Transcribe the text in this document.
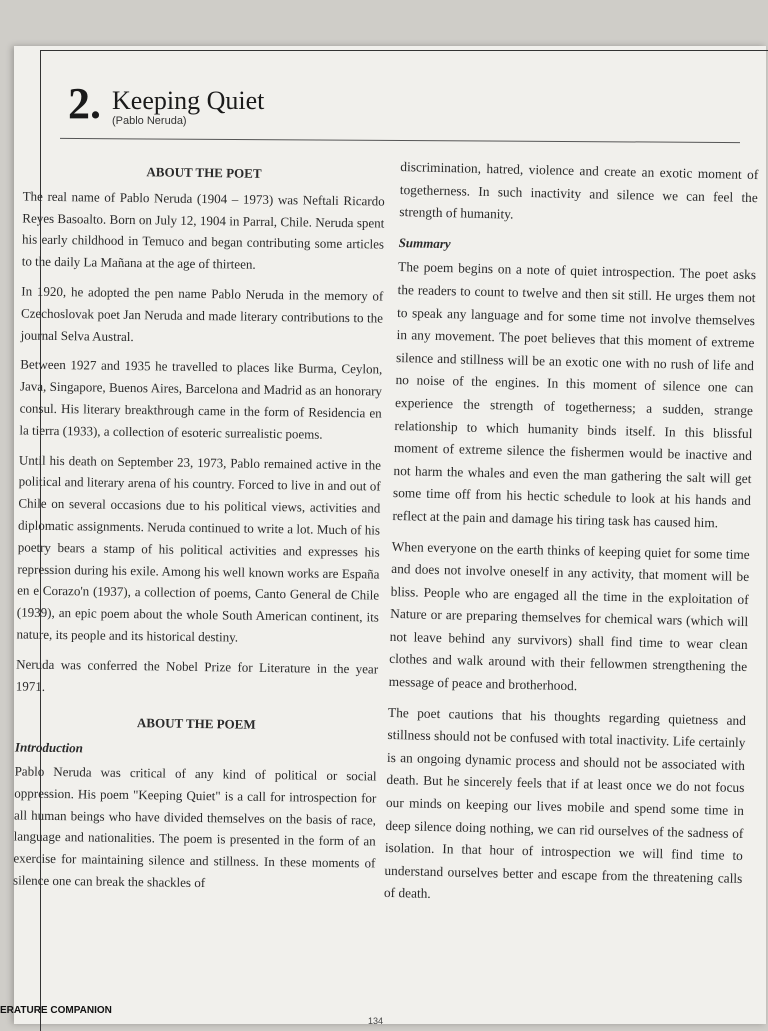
2. Keeping Quiet
(Pablo Neruda)
ABOUT THE POET

The real name of Pablo Neruda (1904 – 1973) was Neftali Ricardo Reyes Basoalto. Born on July 12, 1904 in Parral, Chile. Neruda spent his early childhood in Temuco and began contributing some articles to the daily La Mañana at the age of thirteen.

In 1920, he adopted the pen name Pablo Neruda in the memory of Czechoslovak poet Jan Neruda and made literary contributions to the journal Selva Austral.

Between 1927 and 1935 he travelled to places like Burma, Ceylon, Java, Singapore, Buenos Aires, Barcelona and Madrid as an honorary consul. His literary breakthrough came in the form of Residencia en la tierra (1933), a collection of esoteric surrealistic poems.

Until his death on September 23, 1973, Pablo remained active in the political and literary arena of his country. Forced to live in and out of Chile on several occasions due to his political views, activities and diplomatic assignments. Neruda continued to write a lot. Much of his poetry bears a stamp of his political activities and expresses his repression during his exile. Among his well known works are España en e Corazo'n (1937), a collection of poems, Canto General de Chile (1939), an epic poem about the whole South American continent, its nature, its people and its historical destiny.

Neruda was conferred the Nobel Prize for Literature in the year 1971.

ABOUT THE POEM
Introduction

Pablo Neruda was critical of any kind of political or social oppression. His poem "Keeping Quiet" is a call for introspection for all human beings who have divided themselves on the basis of race, language and nationalities. The poem is presented in the form of an exercise for maintaining silence and stillness. In these moments of silence one can break the shackles of

discrimination, hatred, violence and create an exotic moment of togetherness. In such inactivity and silence we can feel the strength of humanity.

Summary

The poem begins on a note of quiet introspection. The poet asks the readers to count to twelve and then sit still. He urges them not to speak any language and for some time not involve themselves in any movement. The poet believes that this moment of extreme silence and stillness will be an exotic one with no rush of life and no noise of the engines. In this moment of silence one can experience the strength of togetherness; a sudden, strange relationship to which humanity binds itself. In this blissful moment of extreme silence the fishermen would be inactive and not harm the whales and even the man gathering the salt will get some time off from his hectic schedule to look at his hands and reflect at the pain and damage his tiring task has caused him.

When everyone on the earth thinks of keeping quiet for some time and does not involve oneself in any activity, that moment will be bliss. People who are engaged all the time in the exploitation of Nature or are preparing themselves for chemical wars (which will not leave behind any survivors) shall find time to wear clean clothes and walk around with their fellowmen strengthening the message of peace and brotherhood.

The poet cautions that his thoughts regarding quietness and stillness should not be confused with total inactivity. Life certainly is an ongoing dynamic process and should not be associated with death. But he sincerely feels that if at least once we do not focus our minds on keeping our lives mobile and spend some time in deep silence doing nothing, we can rid ourselves of the sadness of isolation. In that hour of introspection we will find time to understand ourselves better and escape from the threatening calls of death.

ERATURE COMPANION
134
